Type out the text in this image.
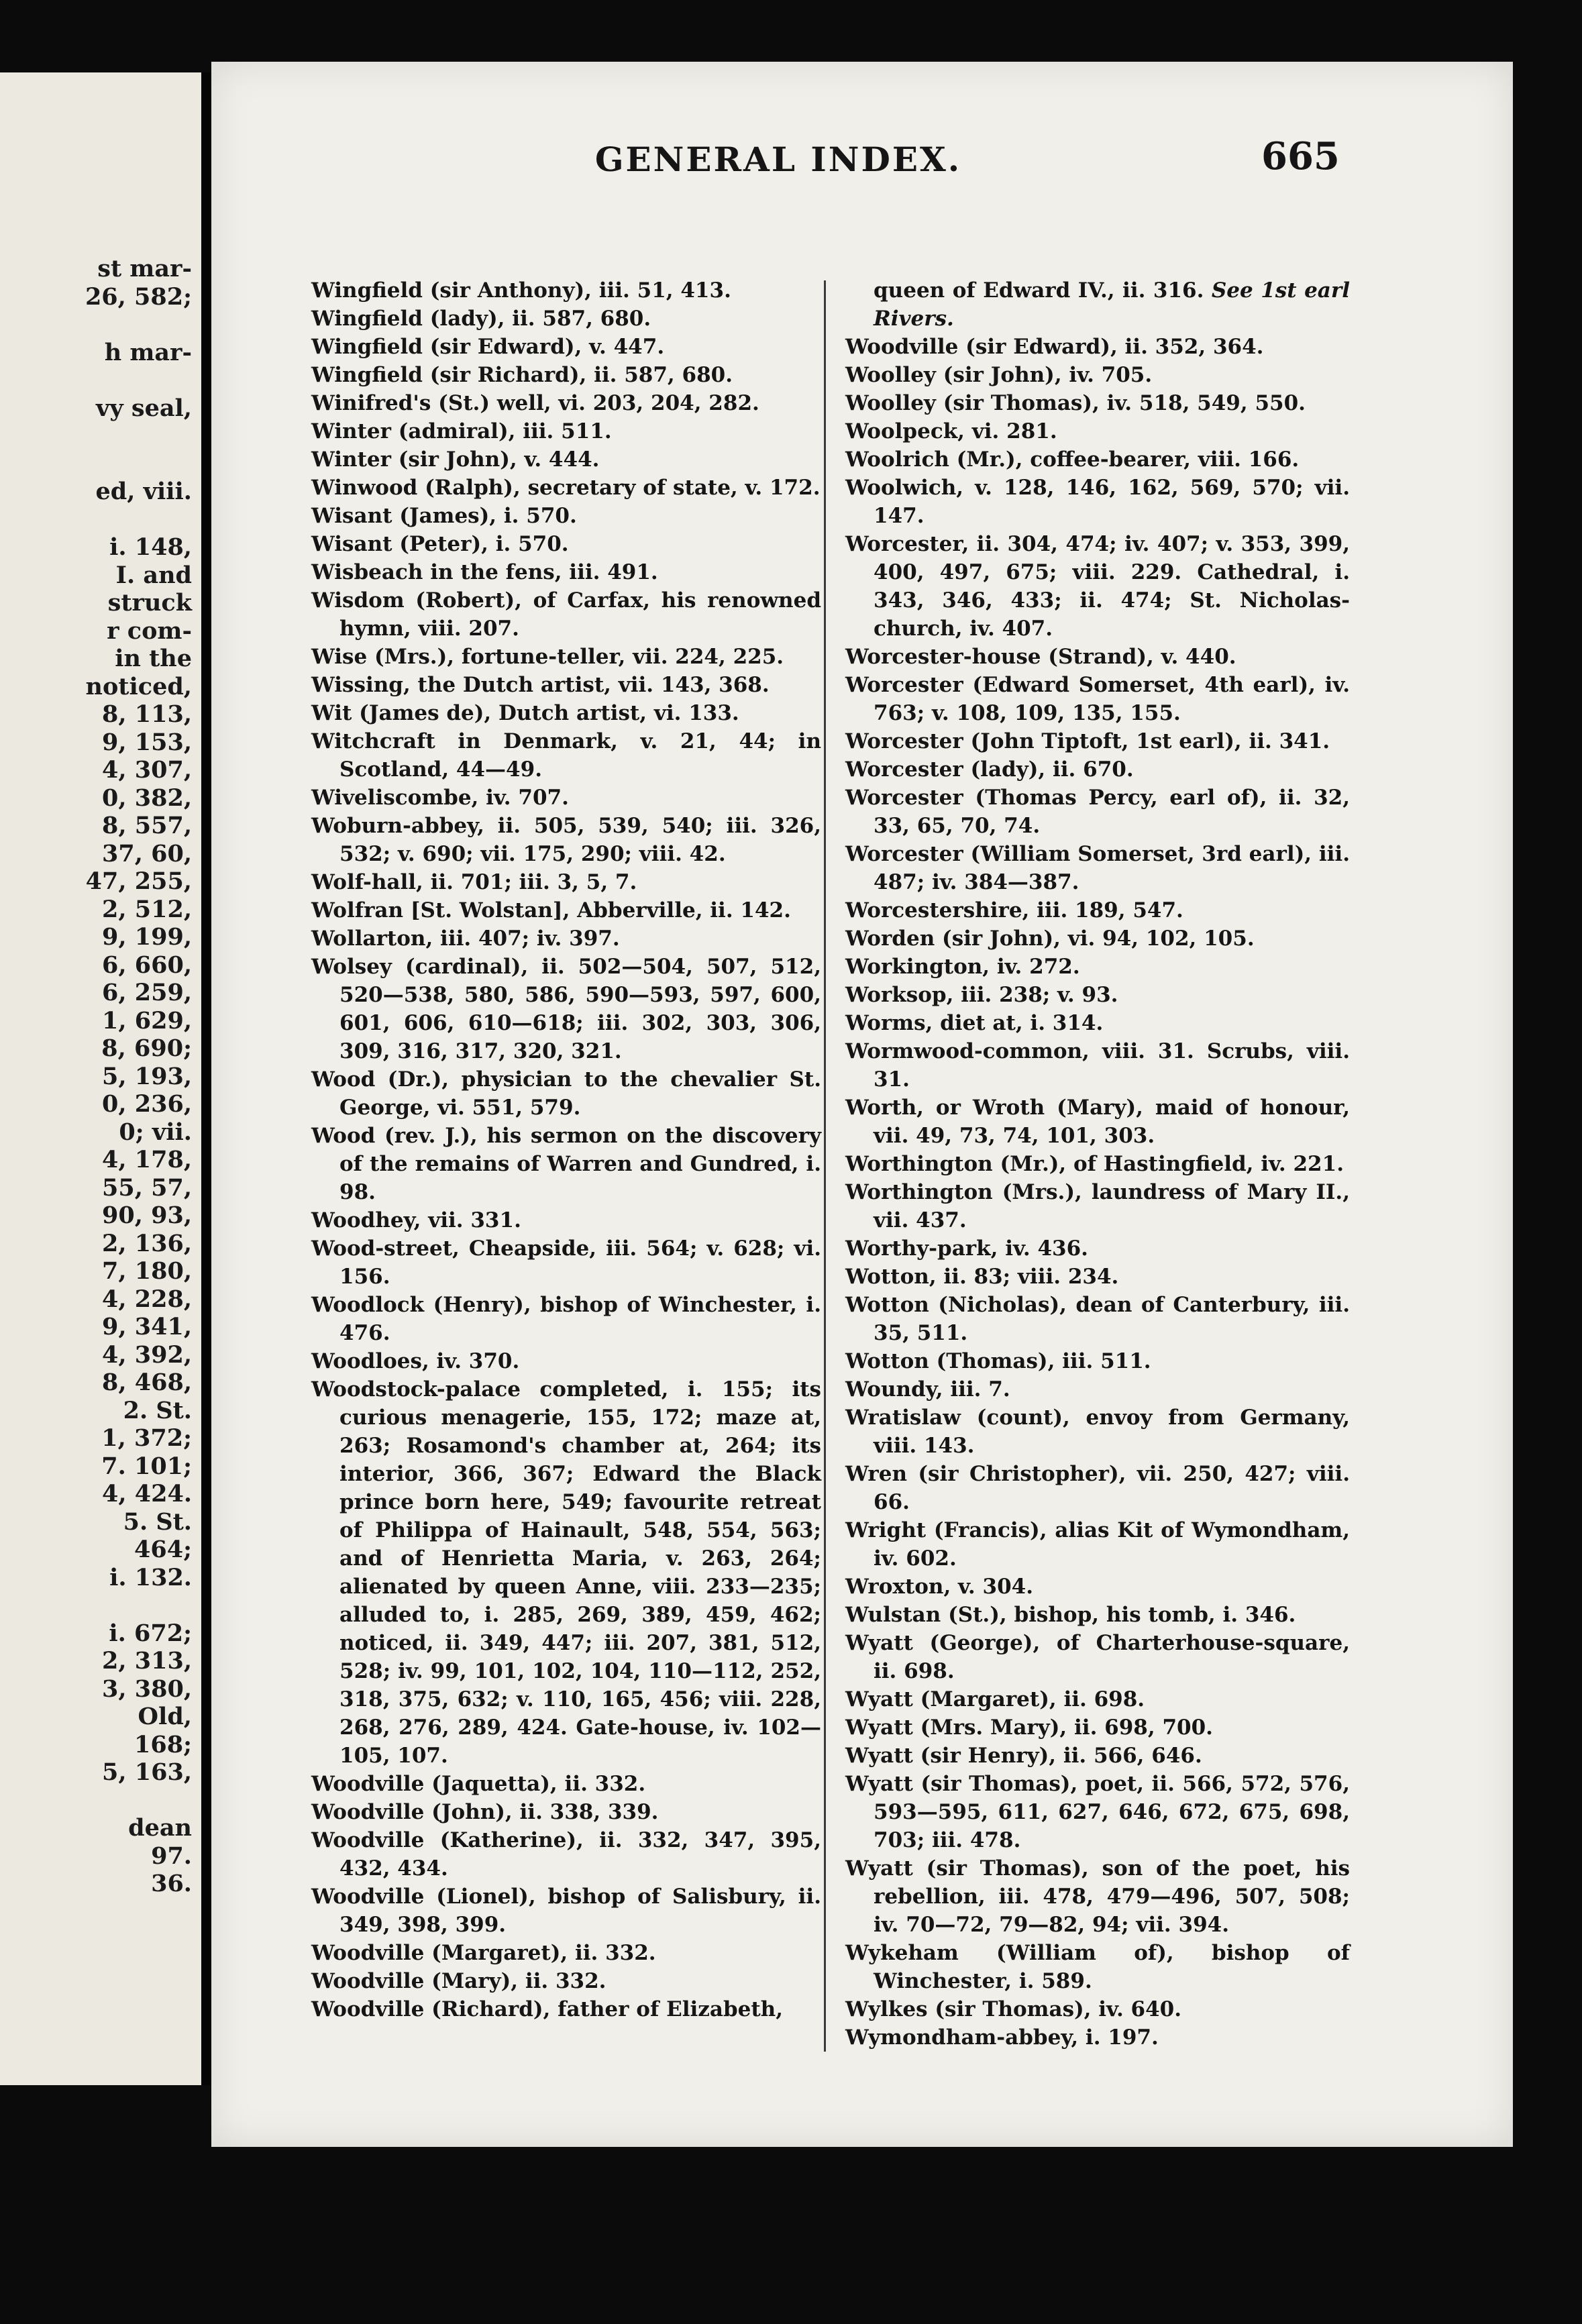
st mar-
26, 582;
h mar-
vy seal,
ed, viii.
i. 148,
I. and
struck
r com-
in the
noticed,
8, 113,
9, 153,
4, 307,
0, 382,
8, 557,
37, 60,
47, 255,
2, 512,
9, 199,
6, 660,
6, 259,
1, 629,
8, 690;
5, 193,
0, 236,
0; vii.
4, 178,
55, 57,
90, 93,
2, 136,
7, 180,
4, 228,
9, 341,
4, 392,
8, 468,
2. St.
1, 372;
7. 101;
4, 424.
5. St.
464;
i. 132.
i. 672;
2, 313,
3, 380,
Old,
168;
5, 163,
dean
97.
36.
GENERAL INDEX.	665
Wingfield (sir Anthony), iii. 51, 413.
Wingfield (lady), ii. 587, 680.
Wingfield (sir Edward), v. 447.
Wingfield (sir Richard), ii. 587, 680.
Winifred's (St.) well, vi. 203, 204, 282.
Winter (admiral), iii. 511.
Winter (sir John), v. 444.
Winwood (Ralph), secretary of state, v. 172.
Wisant (James), i. 570.
Wisant (Peter), i. 570.
Wisbeach in the fens, iii. 491.
Wisdom (Robert), of Carfax, his renowned hymn, viii. 207.
Wise (Mrs.), fortune-teller, vii. 224, 225.
Wissing, the Dutch artist, vii. 143, 368.
Wit (James de), Dutch artist, vi. 133.
Witchcraft in Denmark, v. 21, 44; in Scotland, 44—49.
Wiveliscombe, iv. 707.
Woburn-abbey, ii. 505, 539, 540; iii. 326, 532; v. 690; vii. 175, 290; viii. 42.
Wolf-hall, ii. 701; iii. 3, 5, 7.
Wolfran [St. Wolstan], Abberville, ii. 142.
Wollarton, iii. 407; iv. 397.
Wolsey (cardinal), ii. 502—504, 507, 512, 520—538, 580, 586, 590—593, 597, 600, 601, 606, 610—618; iii. 302, 303, 306, 309, 316, 317, 320, 321.
Wood (Dr.), physician to the chevalier St. George, vi. 551, 579.
Wood (rev. J.), his sermon on the discovery of the remains of Warren and Gundred, i. 98.
Woodhey, vii. 331.
Wood-street, Cheapside, iii. 564; v. 628; vi. 156.
Woodlock (Henry), bishop of Winchester, i. 476.
Woodloes, iv. 370.
Woodstock-palace completed, i. 155; its curious menagerie, 155, 172; maze at, 263; Rosamond's chamber at, 264; its interior, 366, 367; Edward the Black prince born here, 549; favourite retreat of Philippa of Hainault, 548, 554, 563; and of Henrietta Maria, v. 263, 264; alienated by queen Anne, viii. 233—235; alluded to, i. 285, 269, 389, 459, 462; noticed, ii. 349, 447; iii. 207, 381, 512, 528; iv. 99, 101, 102, 104, 110—112, 252, 318, 375, 632; v. 110, 165, 456; viii. 228, 268, 276, 289, 424. Gate-house, iv. 102—105, 107.
Woodville (Jaquetta), ii. 332.
Woodville (John), ii. 338, 339.
Woodville (Katherine), ii. 332, 347, 395, 432, 434.
Woodville (Lionel), bishop of Salisbury, ii. 349, 398, 399.
Woodville (Margaret), ii. 332.
Woodville (Mary), ii. 332.
Woodville (Richard), father of Elizabeth,
queen of Edward IV., ii. 316. See 1st earl Rivers.
Woodville (sir Edward), ii. 352, 364.
Woolley (sir John), iv. 705.
Woolley (sir Thomas), iv. 518, 549, 550.
Woolpeck, vi. 281.
Woolrich (Mr.), coffee-bearer, viii. 166.
Woolwich, v. 128, 146, 162, 569, 570; vii. 147.
Worcester, ii. 304, 474; iv. 407; v. 353, 399, 400, 497, 675; viii. 229. Cathedral, i. 343, 346, 433; ii. 474; St. Nicholas-church, iv. 407.
Worcester-house (Strand), v. 440.
Worcester (Edward Somerset, 4th earl), iv. 763; v. 108, 109, 135, 155.
Worcester (John Tiptoft, 1st earl), ii. 341.
Worcester (lady), ii. 670.
Worcester (Thomas Percy, earl of), ii. 32, 33, 65, 70, 74.
Worcester (William Somerset, 3rd earl), iii. 487; iv. 384—387.
Worcestershire, iii. 189, 547.
Worden (sir John), vi. 94, 102, 105.
Workington, iv. 272.
Worksop, iii. 238; v. 93.
Worms, diet at, i. 314.
Wormwood-common, viii. 31. Scrubs, viii. 31.
Worth, or Wroth (Mary), maid of honour, vii. 49, 73, 74, 101, 303.
Worthington (Mr.), of Hastingfield, iv. 221.
Worthington (Mrs.), laundress of Mary II., vii. 437.
Worthy-park, iv. 436.
Wotton, ii. 83; viii. 234.
Wotton (Nicholas), dean of Canterbury, iii. 35, 511.
Wotton (Thomas), iii. 511.
Woundy, iii. 7.
Wratislaw (count), envoy from Germany, viii. 143.
Wren (sir Christopher), vii. 250, 427; viii. 66.
Wright (Francis), alias Kit of Wymondham, iv. 602.
Wroxton, v. 304.
Wulstan (St.), bishop, his tomb, i. 346.
Wyatt (George), of Charterhouse-square, ii. 698.
Wyatt (Margaret), ii. 698.
Wyatt (Mrs. Mary), ii. 698, 700.
Wyatt (sir Henry), ii. 566, 646.
Wyatt (sir Thomas), poet, ii. 566, 572, 576, 593—595, 611, 627, 646, 672, 675, 698, 703; iii. 478.
Wyatt (sir Thomas), son of the poet, his rebellion, iii. 478, 479—496, 507, 508; iv. 70—72, 79—82, 94; vii. 394.
Wykeham (William of), bishop of Winchester, i. 589.
Wylkes (sir Thomas), iv. 640.
Wymondham-abbey, i. 197.
